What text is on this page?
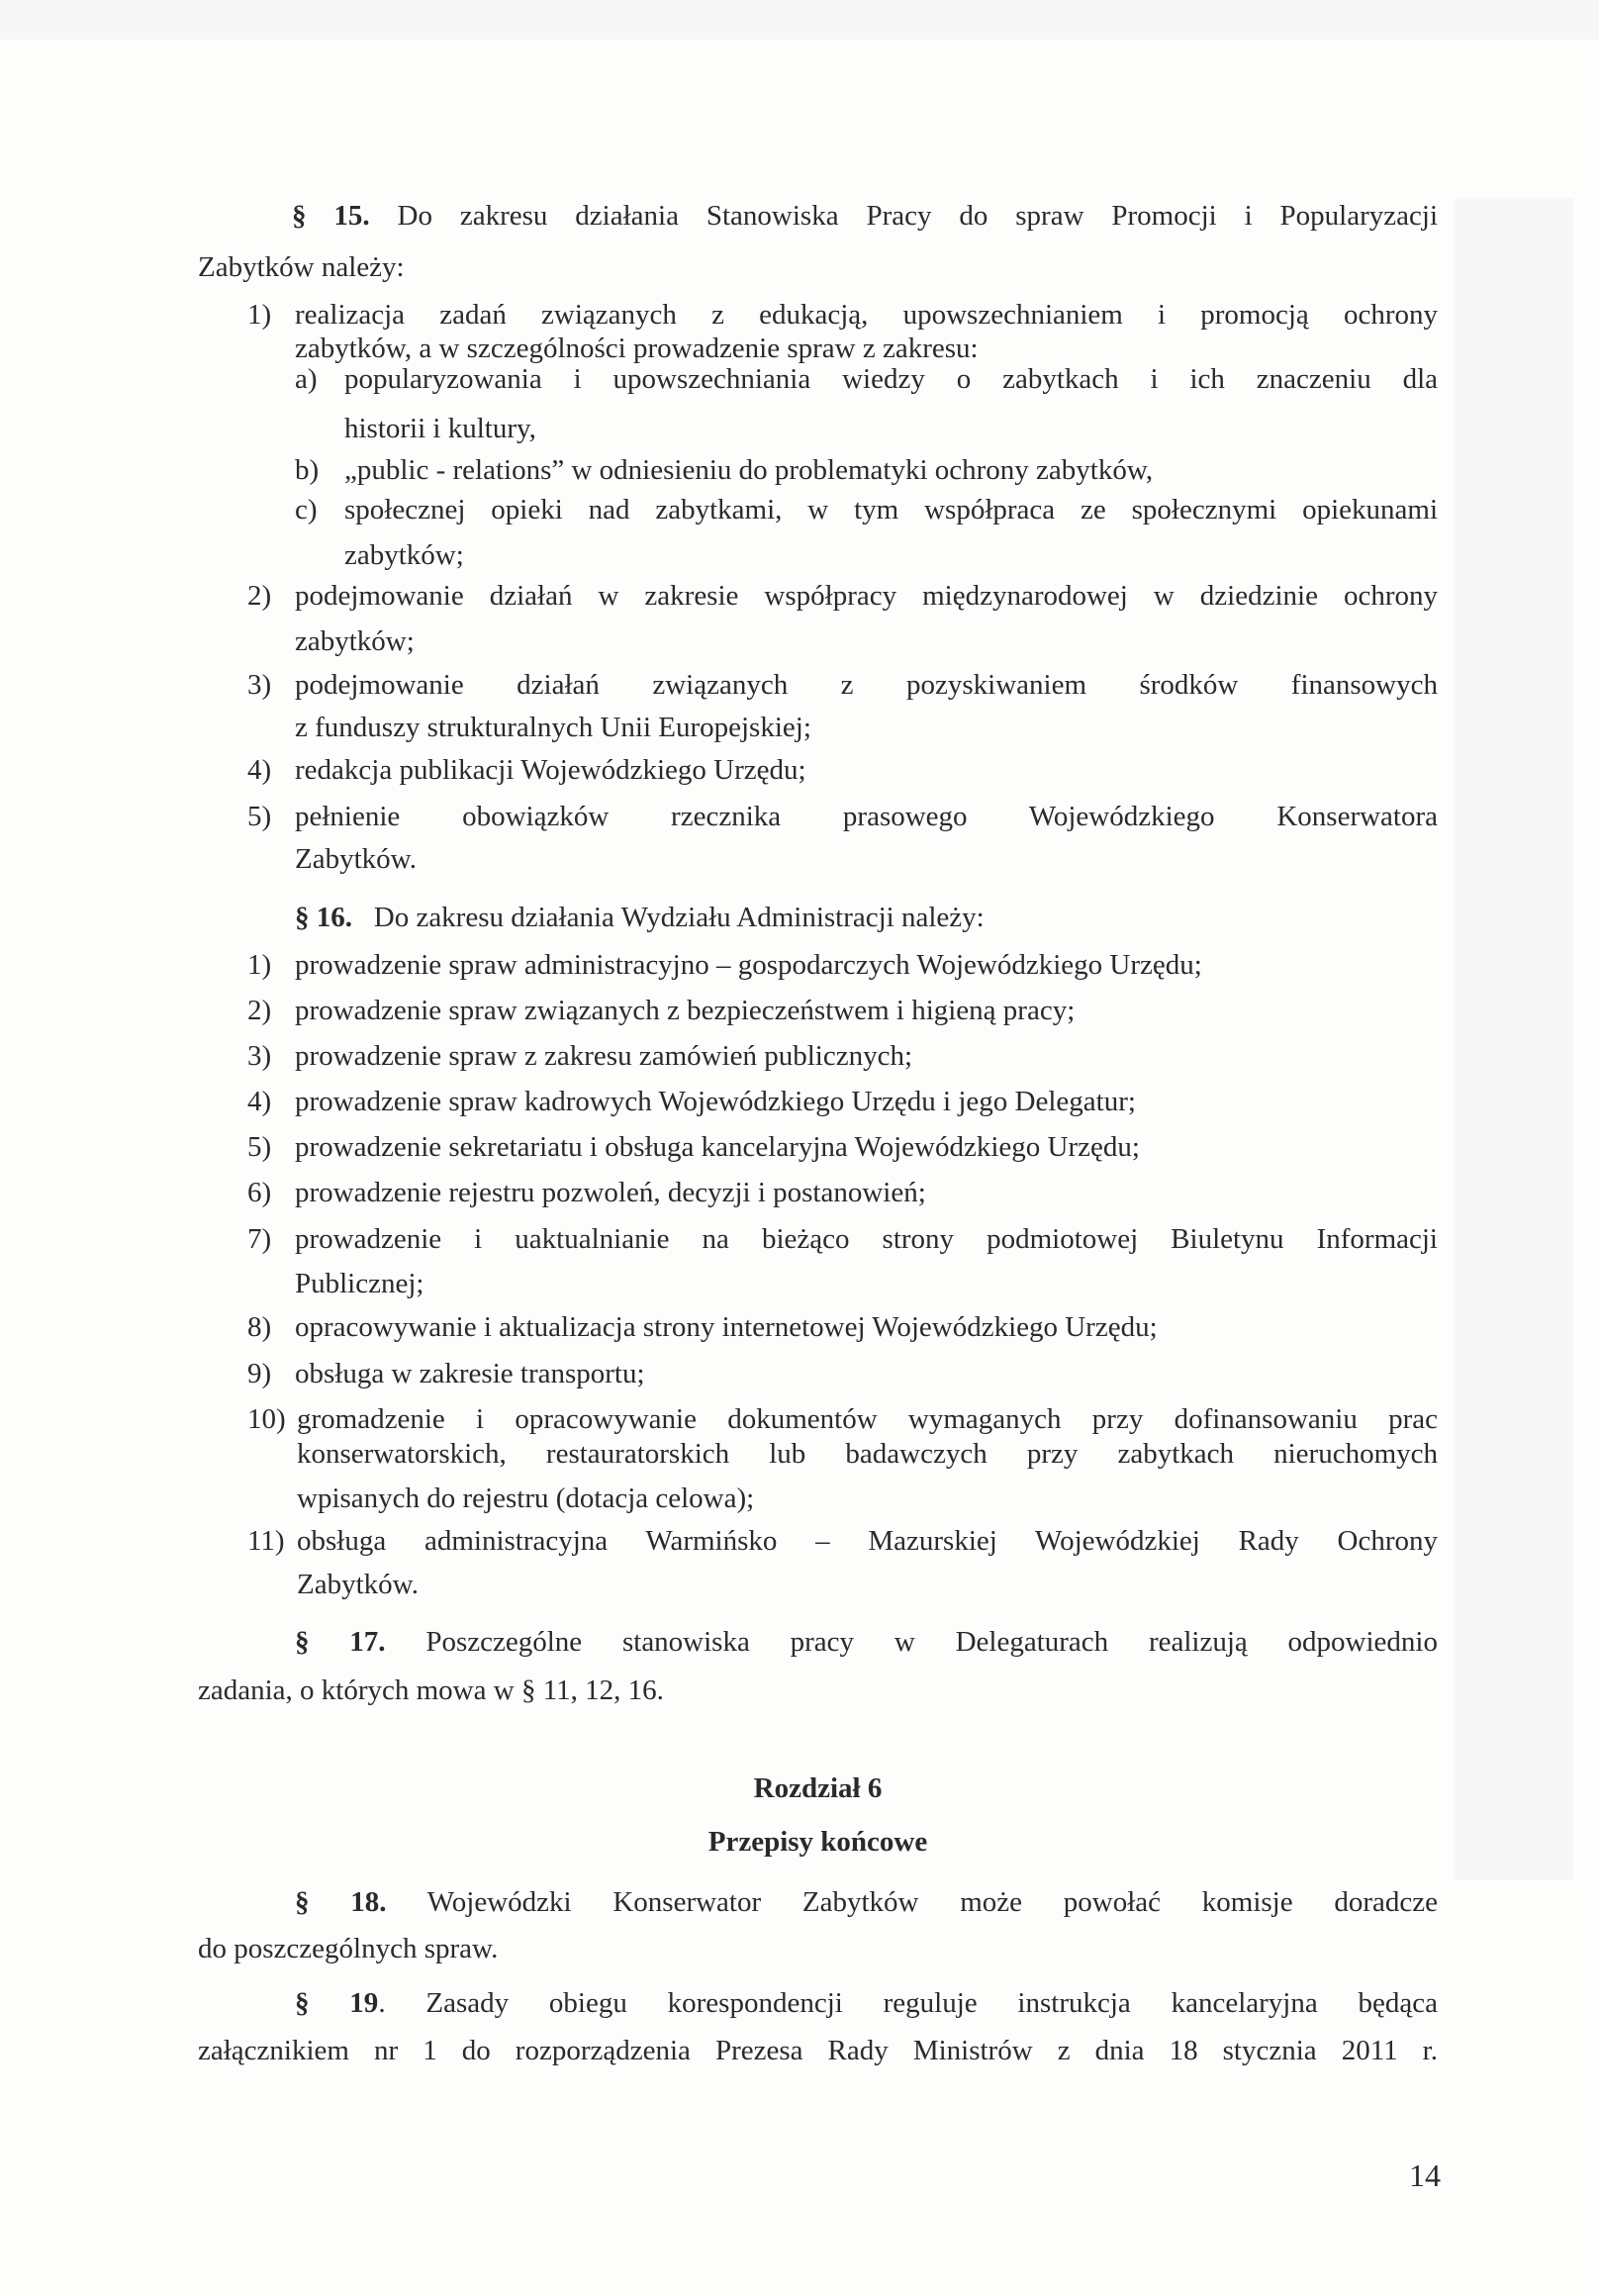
§ 15. Do zakresu działania Stanowiska Pracy do spraw Promocji i Popularyzacji
Zabytków należy:
1) realizacja zadań związanych z edukacją, upowszechnianiem i promocją ochrony
zabytków, a w szczególności prowadzenie spraw z zakresu:
a) popularyzowania i upowszechniania wiedzy o zabytkach i ich znaczeniu dla
historii i kultury,
b) „public - relations” w odniesieniu do problematyki ochrony zabytków,
c) społecznej opieki nad zabytkami, w tym współpraca ze społecznymi opiekunami
zabytków;
2) podejmowanie działań w zakresie współpracy międzynarodowej w dziedzinie ochrony
zabytków;
3) podejmowanie działań związanych z pozyskiwaniem środków finansowych
z funduszy strukturalnych Unii Europejskiej;
4) redakcja publikacji Wojewódzkiego Urzędu;
5) pełnienie obowiązków rzecznika prasowego Wojewódzkiego Konserwatora
Zabytków.
§ 16. Do zakresu działania Wydziału Administracji należy:
1) prowadzenie spraw administracyjno – gospodarczych Wojewódzkiego Urzędu;
2) prowadzenie spraw związanych z bezpieczeństwem i higieną pracy;
3) prowadzenie spraw z zakresu zamówień publicznych;
4) prowadzenie spraw kadrowych Wojewódzkiego Urzędu i jego Delegatur;
5) prowadzenie sekretariatu i obsługa kancelaryjna Wojewódzkiego Urzędu;
6) prowadzenie rejestru pozwoleń, decyzji i postanowień;
7) prowadzenie i uaktualnianie na bieżąco strony podmiotowej Biuletynu Informacji
Publicznej;
8) opracowywanie i aktualizacja strony internetowej Wojewódzkiego Urzędu;
9) obsługa w zakresie transportu;
10) gromadzenie i opracowywanie dokumentów wymaganych przy dofinansowaniu prac
konserwatorskich, restauratorskich lub badawczych przy zabytkach nieruchomych
wpisanych do rejestru (dotacja celowa);
11) obsługa administracyjna Warmińsko – Mazurskiej Wojewódzkiej Rady Ochrony
Zabytków.
§ 17. Poszczególne stanowiska pracy w Delegaturach realizują odpowiednio
zadania, o których mowa w § 11, 12, 16.
Rozdział 6
Przepisy końcowe
§ 18. Wojewódzki Konserwator Zabytków może powołać komisje doradcze
do poszczególnych spraw.
§ 19. Zasady obiegu korespondencji reguluje instrukcja kancelaryjna będąca
załącznikiem nr 1 do rozporządzenia Prezesa Rady Ministrów z dnia 18 stycznia 2011 r.
14
